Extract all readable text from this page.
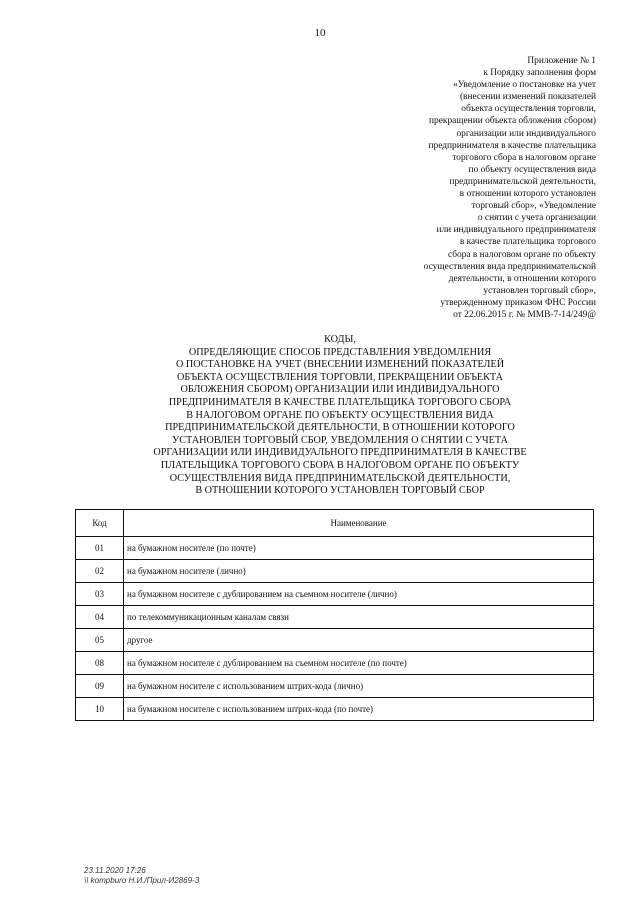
10
Приложение № 1
к Порядку заполнения форм
«Уведомление о постановке на учет
(внесении изменений показателей
объекта осуществления торговли,
прекращении объекта обложения сбором)
организации или индивидуального
предпринимателя в качестве плательщика
торгового сбора в налоговом органе
по объекту осуществления вида
предпринимательской деятельности,
в отношении которого установлен
торговый сбор», «Уведомление
о снятии с учета организации
или индивидуального предпринимателя
в качестве плательщика торгового
сбора в налоговом органе по объекту
осуществления вида предпринимательской
деятельности, в отношении которого
установлен торговый сбор»,
утвержденному приказом ФНС России
от 22.06.2015 г. № ММВ-7-14/249@
КОДЫ,
ОПРЕДЕЛЯЮЩИЕ СПОСОБ ПРЕДСТАВЛЕНИЯ УВЕДОМЛЕНИЯ
О ПОСТАНОВКЕ НА УЧЕТ (ВНЕСЕНИИ ИЗМЕНЕНИЙ ПОКАЗАТЕЛЕЙ
ОБЪЕКТА ОСУЩЕСТВЛЕНИЯ ТОРГОВЛИ, ПРЕКРАЩЕНИИ ОБЪЕКТА
ОБЛОЖЕНИЯ СБОРОМ) ОРГАНИЗАЦИИ ИЛИ ИНДИВИДУАЛЬНОГО
ПРЕДПРИНИМАТЕЛЯ В КАЧЕСТВЕ ПЛАТЕЛЬЩИКА ТОРГОВОГО СБОРА
В НАЛОГОВОМ ОРГАНЕ ПО ОБЪЕКТУ ОСУЩЕСТВЛЕНИЯ ВИДА
ПРЕДПРИНИМАТЕЛЬСКОЙ ДЕЯТЕЛЬНОСТИ, В ОТНОШЕНИИ КОТОРОГО
УСТАНОВЛЕН ТОРГОВЫЙ СБОР, УВЕДОМЛЕНИЯ О СНЯТИИ С УЧЕТА
ОРГАНИЗАЦИИ ИЛИ ИНДИВИДУАЛЬНОГО ПРЕДПРИНИМАТЕЛЯ В КАЧЕСТВЕ
ПЛАТЕЛЬЩИКА ТОРГОВОГО СБОРА В НАЛОГОВОМ ОРГАНЕ ПО ОБЪЕКТУ
ОСУЩЕСТВЛЕНИЯ ВИДА ПРЕДПРИНИМАТЕЛЬСКОЙ ДЕЯТЕЛЬНОСТИ,
В ОТНОШЕНИИ КОТОРОГО УСТАНОВЛЕН ТОРГОВЫЙ СБОР
Код	Наименование
01	на бумажном носителе (по почте)
02	на бумажном носителе (лично)
03	на бумажном носителе с дублированием на съемном носителе (лично)
04	по телекоммуникационным каналам связи
05	другое
08	на бумажном носителе с дублированием на съемном носителе (по почте)
09	на бумажном носителе с использованием штрих-кода (лично)
10	на бумажном носителе с использованием штрих-кода (по почте)
23.11.2020 17:26
\\ kompburo Н.И./Прил-И2869-3
